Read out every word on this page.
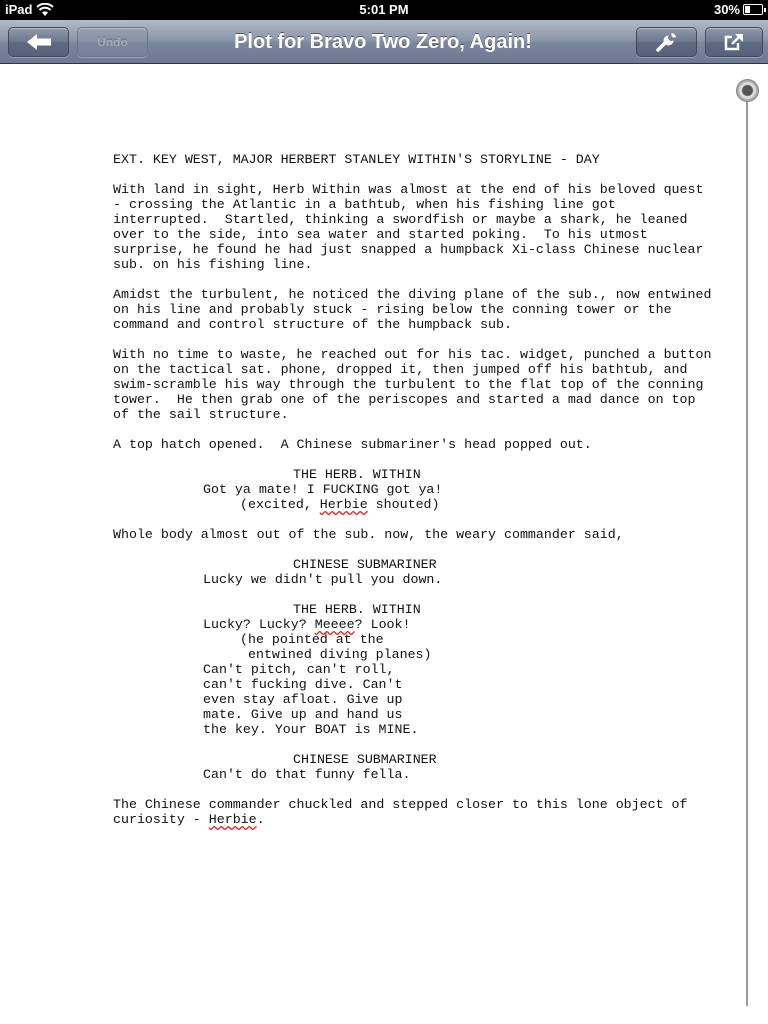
iPad	5:01 PM	30%
Undo	Plot for Bravo Two Zero, Again!
EXT. KEY WEST, MAJOR HERBERT STANLEY WITHIN'S STORYLINE - DAY
With land in sight, Herb Within was almost at the end of his beloved quest - crossing the Atlantic in a bathtub, when his fishing line got interrupted.  Startled, thinking a swordfish or maybe a shark, he leaned over to the side, into sea water and started poking.  To his utmost surprise, he found he had just snapped a humpback Xi-class Chinese nuclear sub. on his fishing line.
Amidst the turbulent, he noticed the diving plane of the sub., now entwined on his line and probably stuck - rising below the conning tower or the command and control structure of the humpback sub.
With no time to waste, he reached out for his tac. widget, punched a button on the tactical sat. phone, dropped it, then jumped off his bathtub, and swim-scramble his way through the turbulent to the flat top of the conning tower.  He then grab one of the periscopes and started a mad dance on top of the sail structure.
A top hatch opened.  A Chinese submariner's head popped out.
THE HERB. WITHIN
Got ya mate! I FUCKING got ya!
(excited, Herbie shouted)
Whole body almost out of the sub. now, the weary commander said,
CHINESE SUBMARINER
Lucky we didn't pull you down.
THE HERB. WITHIN
Lucky? Lucky? Meeee? Look!
(he pointed at the
entwined diving planes)
Can't pitch, can't roll, can't fucking dive. Can't even stay afloat. Give up mate. Give up and hand us the key. Your BOAT is MINE.
CHINESE SUBMARINER
Can't do that funny fella.
The Chinese commander chuckled and stepped closer to this lone object of curiosity - Herbie.
